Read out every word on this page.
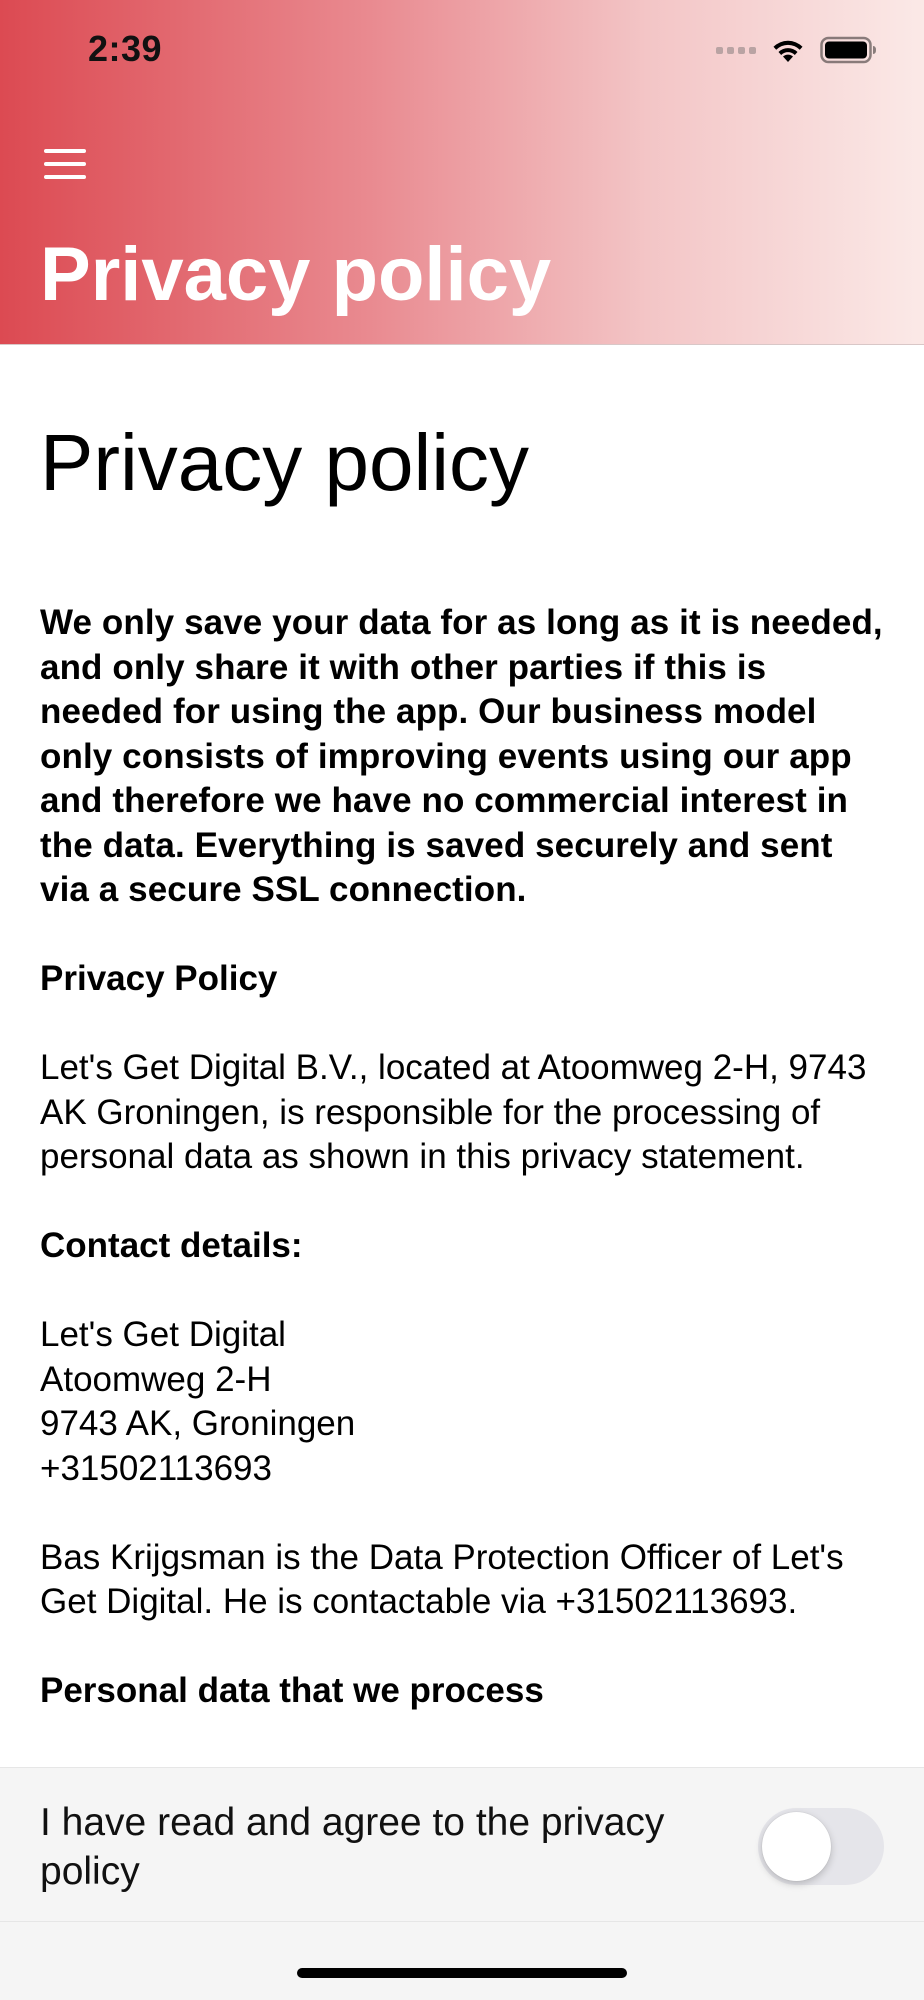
2:39
Privacy policy
Privacy policy

We only save your data for as long as it is needed, and only share it with other parties if this is needed for using the app. Our business model only consists of improving events using our app and therefore we have no commercial interest in the data. Everything is saved securely and sent via a secure SSL connection.

Privacy Policy

Let's Get Digital B.V., located at Atoomweg 2-H, 9743 AK Groningen, is responsible for the processing of personal data as shown in this privacy statement.

Contact details:
Let's Get Digital
Atoomweg 2-H
9743 AK, Groningen
+31502113693

Bas Krijgsman is the Data Protection Officer of Let's Get Digital. He is contactable via +31502113693.

Personal data that we process
I have read and agree to the privacy policy
